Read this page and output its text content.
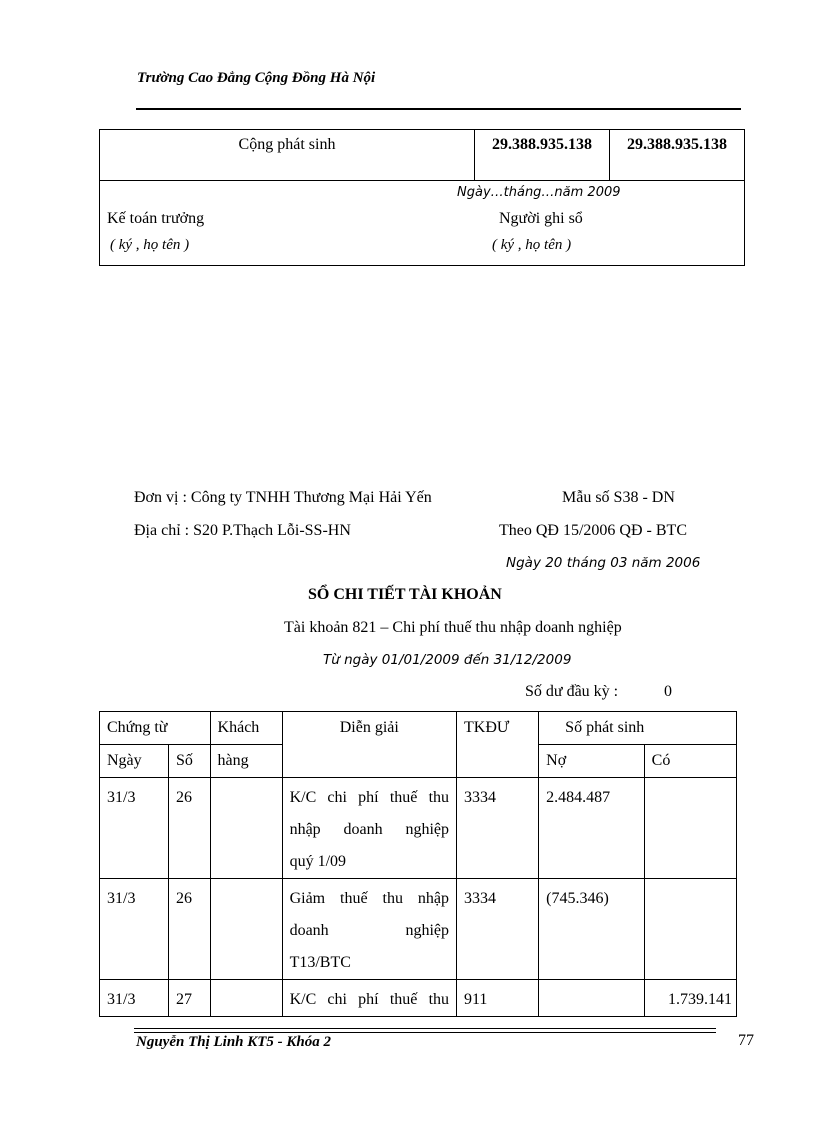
Trường Cao Đẳng Cộng Đồng Hà Nội
Cộng phát sinh	29.388.935.138	29.388.935.138

Ngày…tháng…năm 2009
Kế toán trưởng
( ký , họ tên )
Người ghi sổ
( ký , họ tên )
Đơn vị : Công ty TNHH Thương Mại Hải Yến	Mẫu số S38 - DN
Địa chỉ : S20 P.Thạch Lỗi-SS-HN	Theo QĐ 15/2006 QĐ - BTC
Ngày 20 tháng 03 năm 2006
SỔ CHI TIẾT TÀI KHOẢN
Tài khoản 821 – Chi phí thuế thu nhập doanh nghiệp
Từ ngày 01/01/2009 đến 31/12/2009
Số dư đầu kỳ :	0
Chứng từ		Khách	Diễn giải	TKĐƯ	Số phát sinh	
Ngày	Số	hàng			Nợ	Có
31/3	26		K/C chi phí thuế thu
nhập doanh nghiệp
quý 1/09	3334	2.484.487	
31/3	26		Giảm thuế thu nhập
doanh nghiệp
T13/BTC	3334	(745.346)	
31/3	27		K/C chi phí thuế thu	911		1.739.141
Nguyễn Thị Linh KT5 - Khóa 2	77
